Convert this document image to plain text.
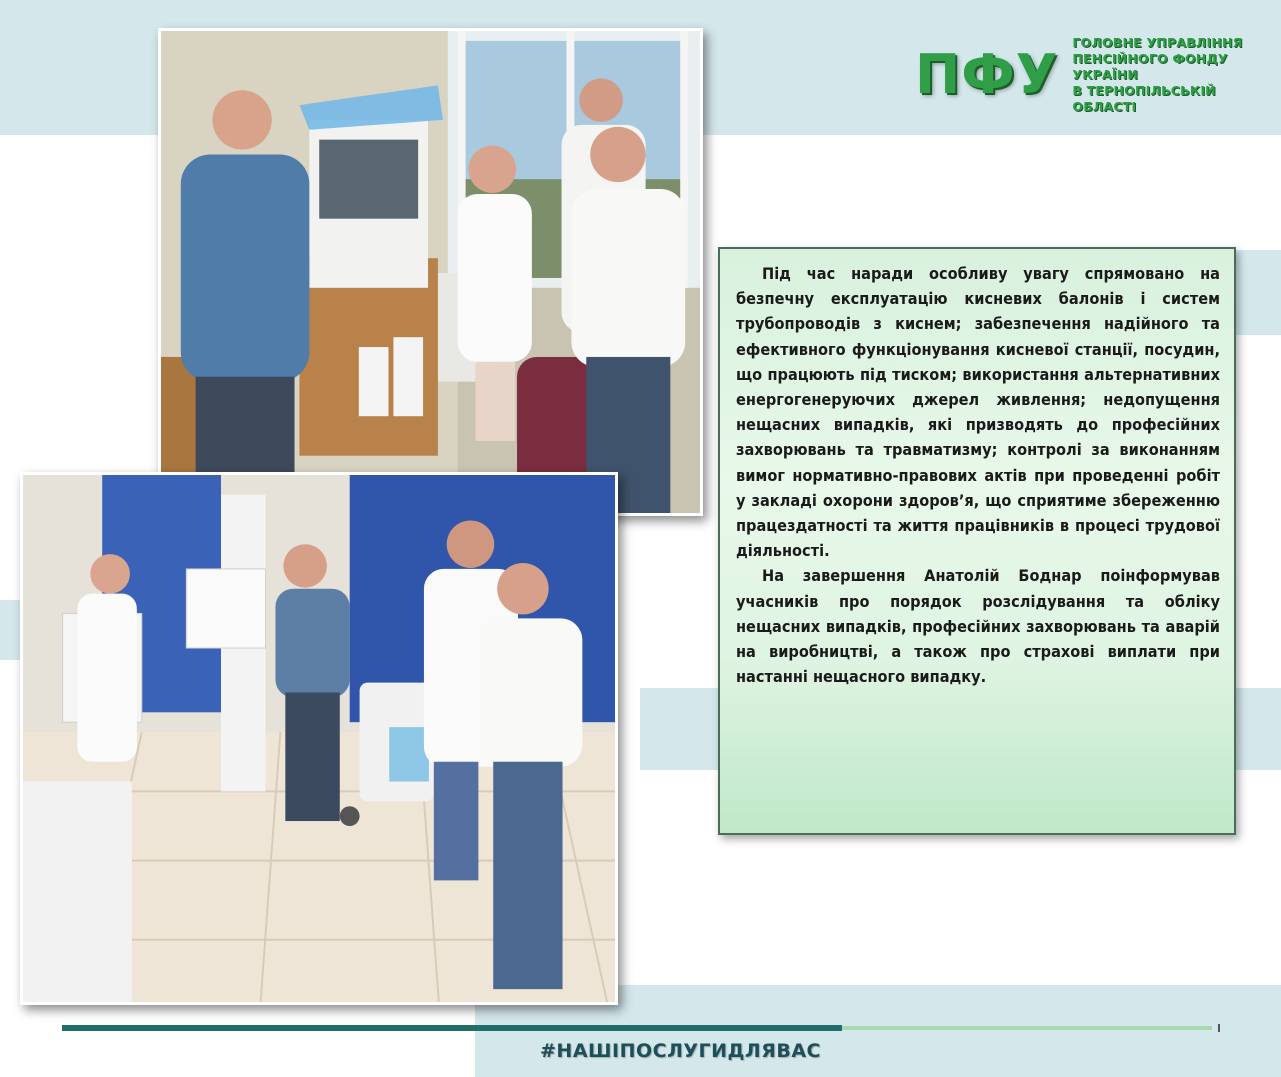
ПФУ
ГОЛОВНЕ УПРАВЛІННЯ
ПЕНСІЙНОГО ФОНДУ УКРАЇНИ
В ТЕРНОПІЛЬСЬКІЙ ОБЛАСТІ

Під час наради особливу увагу спрямовано на безпечну експлуатацію кисневих балонів і систем трубопроводів з киснем; забезпечення надійного та ефективного функціонування кисневої станції, посудин, що працюють під тиском; використання альтернативних енергогенеруючих джерел живлення; недопущення нещасних випадків, які призводять до професійних захворювань та травматизму; контролі за виконанням вимог нормативно-правових актів при проведенні робіт у закладі охорони здоров’я, що сприятиме збереженню працездатності та життя працівників в процесі трудової діяльності.

На завершення Анатолій Боднар поінформував учасників про порядок розслідування та обліку нещасних випадків, професійних захворювань та аварій на виробництві, а також про страхові виплати при настанні нещасного випадку.

#НАШІПОСЛУГИДЛЯВАС
